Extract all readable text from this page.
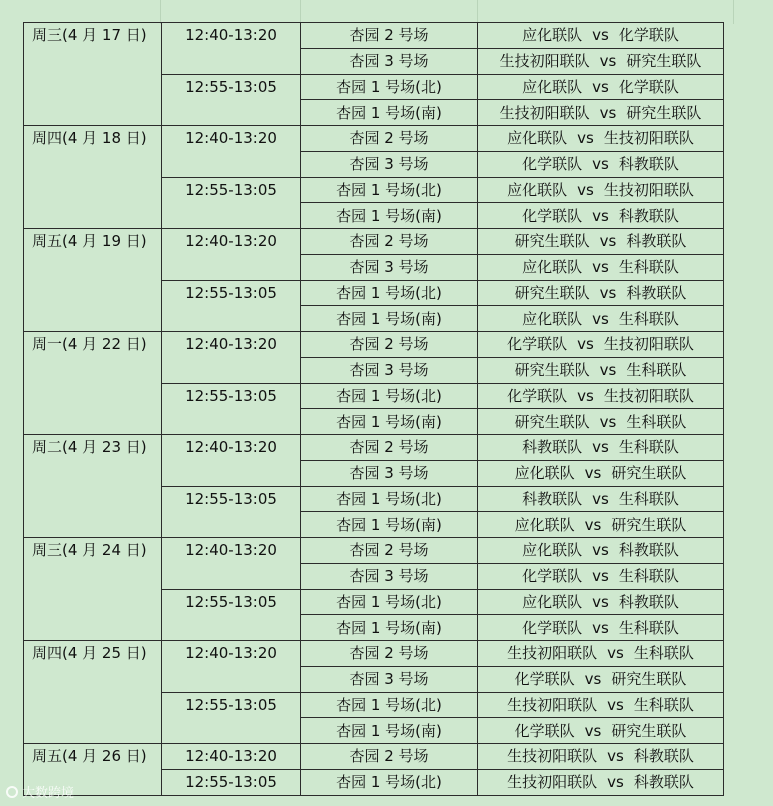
周三(4 月 17 日)	12:40-13:20	杏园 2 号场	应化联队 vs 化学联队
		杏园 3 号场	生技初阳联队 vs 研究生联队
	12:55-13:05	杏园 1 号场(北)	应化联队 vs 化学联队
		杏园 1 号场(南)	生技初阳联队 vs 研究生联队
周四(4 月 18 日)	12:40-13:20	杏园 2 号场	应化联队 vs 生技初阳联队
		杏园 3 号场	化学联队 vs 科教联队
	12:55-13:05	杏园 1 号场(北)	应化联队 vs 生技初阳联队
		杏园 1 号场(南)	化学联队 vs 科教联队
周五(4 月 19 日)	12:40-13:20	杏园 2 号场	研究生联队 vs 科教联队
		杏园 3 号场	应化联队 vs 生科联队
	12:55-13:05	杏园 1 号场(北)	研究生联队 vs 科教联队
		杏园 1 号场(南)	应化联队 vs 生科联队
周一(4 月 22 日)	12:40-13:20	杏园 2 号场	化学联队 vs 生技初阳联队
		杏园 3 号场	研究生联队 vs 生科联队
	12:55-13:05	杏园 1 号场(北)	化学联队 vs 生技初阳联队
		杏园 1 号场(南)	研究生联队 vs 生科联队
周二(4 月 23 日)	12:40-13:20	杏园 2 号场	科教联队 vs 生科联队
		杏园 3 号场	应化联队 vs 研究生联队
	12:55-13:05	杏园 1 号场(北)	科教联队 vs 生科联队
		杏园 1 号场(南)	应化联队 vs 研究生联队
周三(4 月 24 日)	12:40-13:20	杏园 2 号场	应化联队 vs 科教联队
		杏园 3 号场	化学联队 vs 生科联队
	12:55-13:05	杏园 1 号场(北)	应化联队 vs 科教联队
		杏园 1 号场(南)	化学联队 vs 生科联队
周四(4 月 25 日)	12:40-13:20	杏园 2 号场	生技初阳联队 vs 生科联队
		杏园 3 号场	化学联队 vs 研究生联队
	12:55-13:05	杏园 1 号场(北)	生技初阳联队 vs 生科联队
		杏园 1 号场(南)	化学联队 vs 研究生联队
周五(4 月 26 日)	12:40-13:20	杏园 2 号场	生技初阳联队 vs 科教联队
	12:55-13:05	杏园 1 号场(北)	生技初阳联队 vs 科教联队
大数跨境
